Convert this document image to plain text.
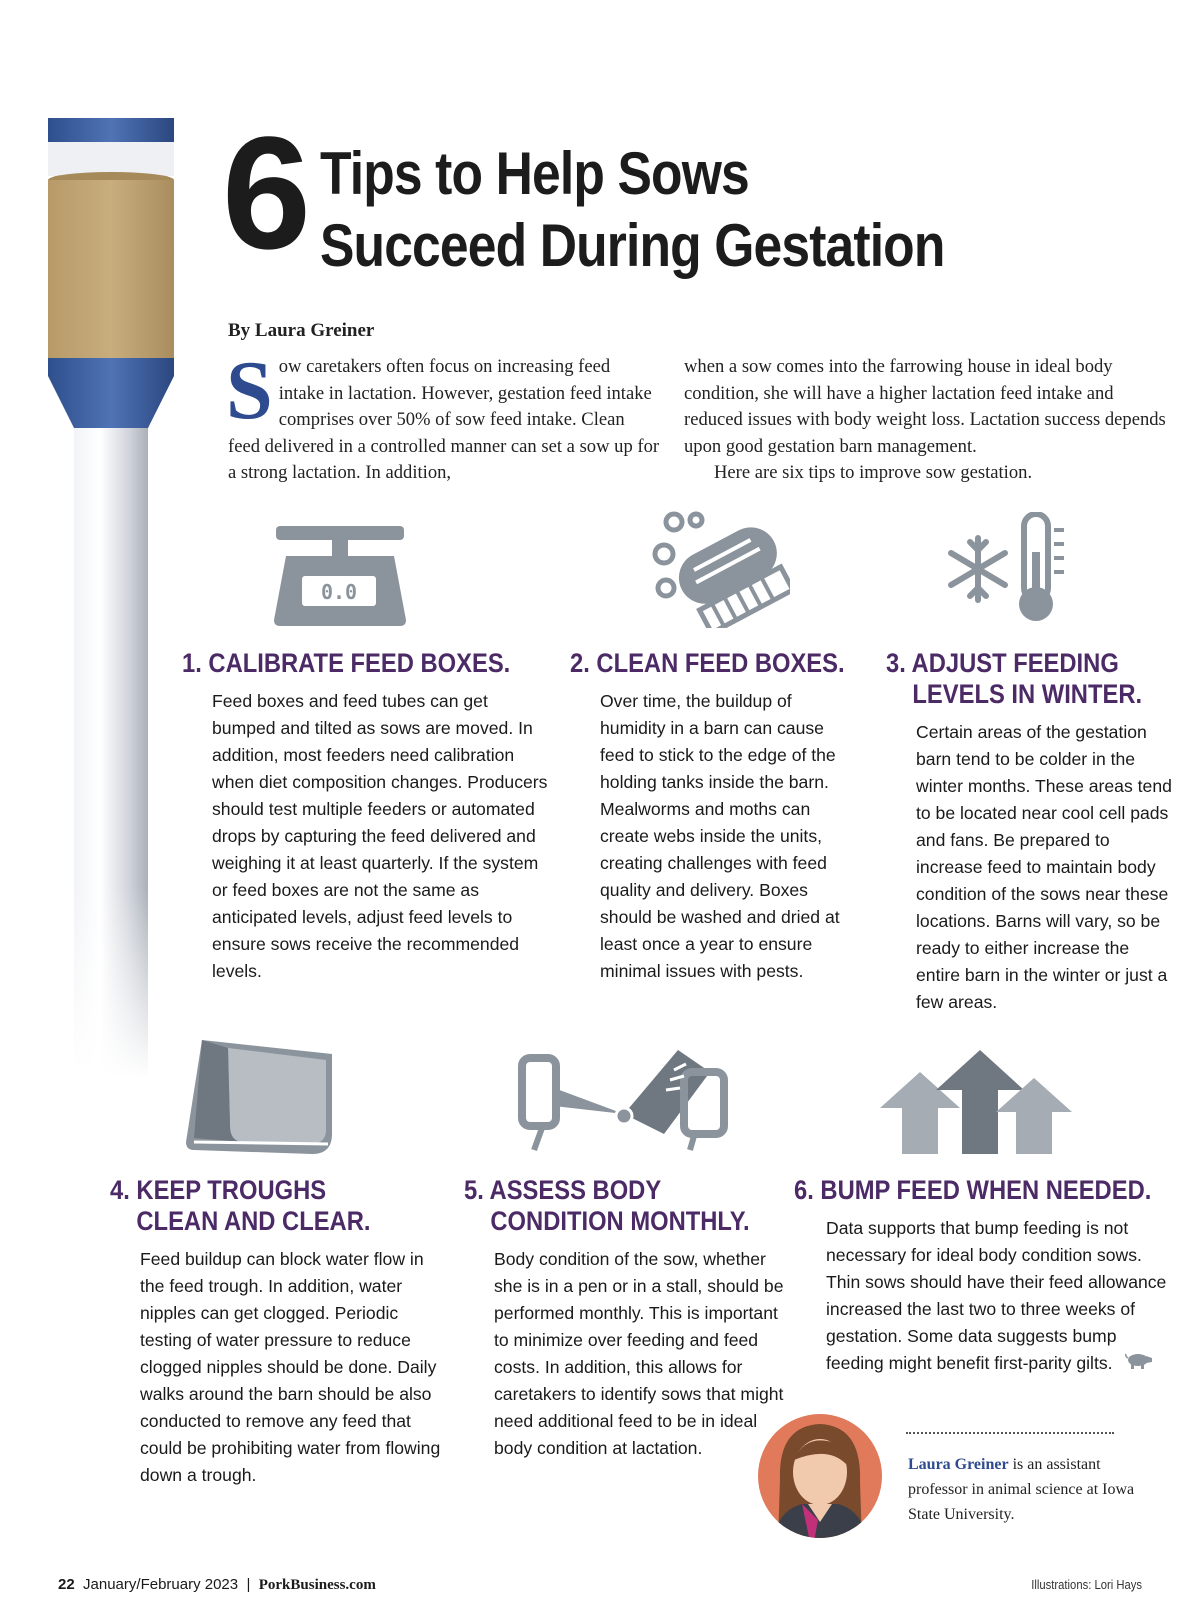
6 Tips to Help Sows
Succeed During Gestation
By Laura Greiner
Sow caretakers often focus on increasing feed intake in lactation. However, gestation feed intake comprises over 50% of sow feed intake. Clean feed delivered in a controlled manner can set a sow up for a strong lactation. In addition,
when a sow comes into the farrowing house in ideal body condition, she will have a higher lactation feed intake and reduced issues with body weight loss. Lactation success depends upon good gestation barn management.
Here are six tips to improve sow gestation.
0.0
1. CALIBRATE FEED BOXES.
Feed boxes and feed tubes can get bumped and tilted as sows are moved. In addition, most feeders need calibration when diet composition changes. Producers should test multiple feeders or automated drops by capturing the feed delivered and weighing it at least quarterly. If the system or feed boxes are not the same as anticipated levels, adjust feed levels to ensure sows receive the recommended levels.
2. CLEAN FEED BOXES.
Over time, the buildup of humidity in a barn can cause feed to stick to the edge of the holding tanks inside the barn. Mealworms and moths can create webs inside the units, creating challenges with feed quality and delivery. Boxes should be washed and dried at least once a year to ensure minimal issues with pests.
3. ADJUST FEEDING
LEVELS IN WINTER.
Certain areas of the gestation barn tend to be colder in the winter months. These areas tend to be located near cool cell pads and fans. Be prepared to increase feed to maintain body condition of the sows near these locations. Barns will vary, so be ready to either increase the entire barn in the winter or just a few areas.
4. KEEP TROUGHS
CLEAN AND CLEAR.
Feed buildup can block water flow in the feed trough. In addition, water nipples can get clogged. Periodic testing of water pressure to reduce clogged nipples should be done. Daily walks around the barn should be also conducted to remove any feed that could be prohibiting water from flowing down a trough.
5. ASSESS BODY
CONDITION MONTHLY.
Body condition of the sow, whether she is in a pen or in a stall, should be performed monthly. This is important to minimize over feeding and feed costs. In addition, this allows for caretakers to identify sows that might need additional feed to be in ideal body condition at lactation.
6. BUMP FEED WHEN NEEDED.
Data supports that bump feeding is not necessary for ideal body condition sows. Thin sows should have their feed allowance increased the last two to three weeks of gestation. Some data suggests bump feeding might benefit first-parity gilts.
Laura Greiner is an assistant professor in animal science at Iowa State University.
22 January/February 2023 | PorkBusiness.com	Illustrations: Lori Hays
